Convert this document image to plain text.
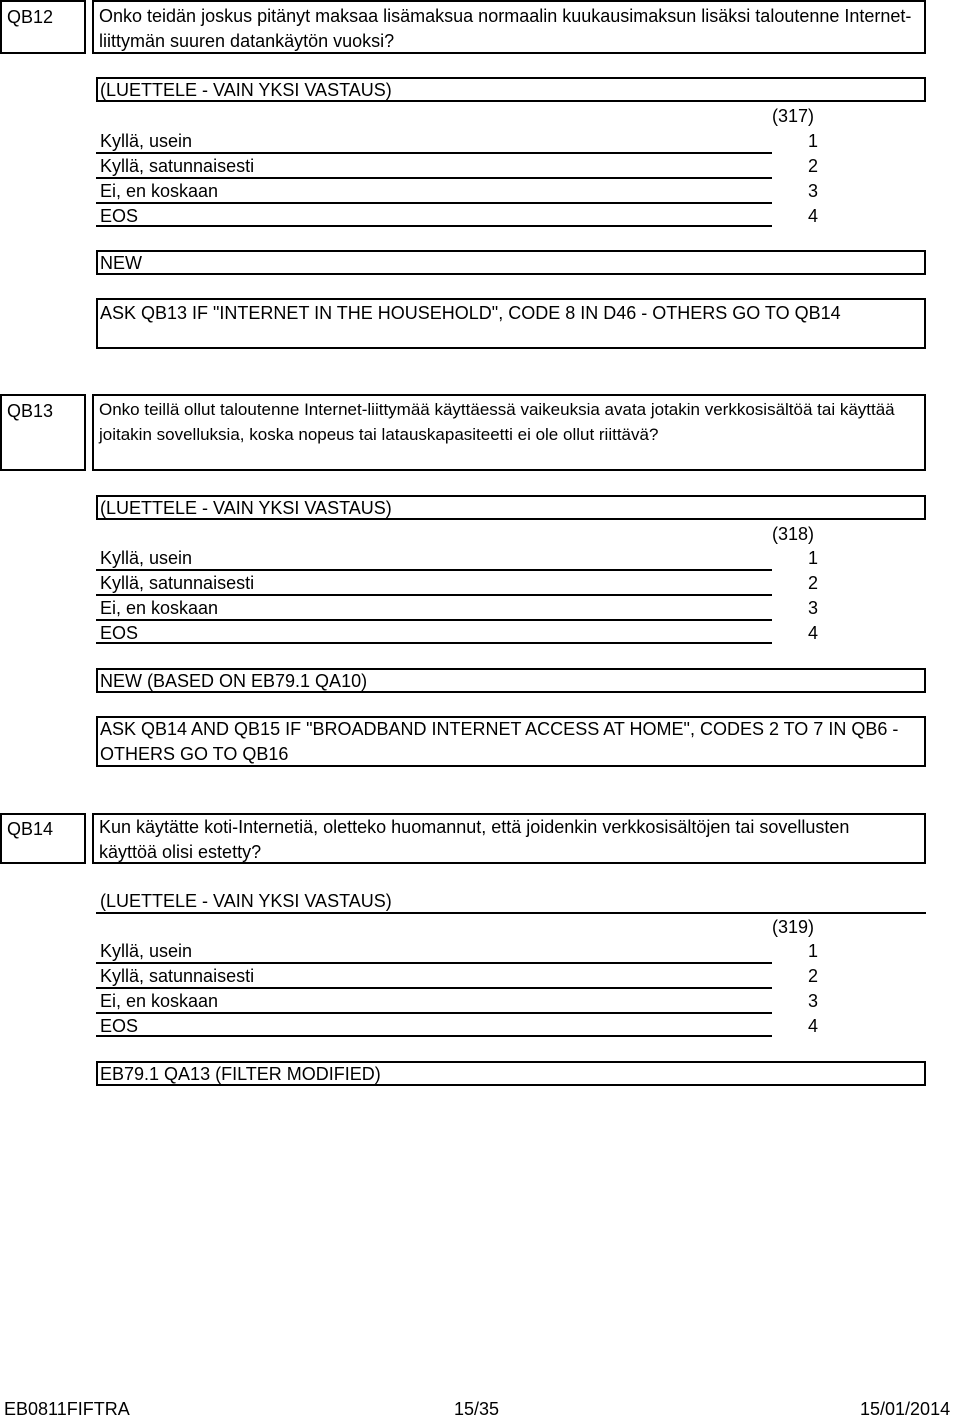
QB12	Onko teidän joskus pitänyt maksaa lisämaksua normaalin kuukausimaksun lisäksi taloutenne Internet-liittymän suuren datankäytön vuoksi?
(LUETTELE - VAIN YKSI VASTAUS)
(317)
Kyllä, usein	1
Kyllä, satunnaisesti	2
Ei, en koskaan	3
EOS	4
NEW
ASK QB13 IF "INTERNET IN THE HOUSEHOLD", CODE 8 IN D46 - OTHERS GO TO QB14
QB13	Onko teillä ollut taloutenne Internet-liittymää käyttäessä vaikeuksia avata jotakin verkkosisältöä tai käyttää joitakin sovelluksia, koska nopeus tai latauskapasiteetti ei ole ollut riittävä?
(LUETTELE - VAIN YKSI VASTAUS)
(318)
Kyllä, usein	1
Kyllä, satunnaisesti	2
Ei, en koskaan	3
EOS	4
NEW (BASED ON EB79.1 QA10)
ASK QB14 AND QB15 IF "BROADBAND INTERNET ACCESS AT HOME", CODES 2 TO 7 IN QB6 - OTHERS GO TO QB16
QB14	Kun käytätte koti-Internetiä, oletteko huomannut, että joidenkin verkkosisältöjen tai sovellusten käyttöä olisi estetty?
(LUETTELE - VAIN YKSI VASTAUS)
(319)
Kyllä, usein	1
Kyllä, satunnaisesti	2
Ei, en koskaan	3
EOS	4
EB79.1 QA13 (FILTER MODIFIED)
EB0811FIFTRA	15/35	15/01/2014
